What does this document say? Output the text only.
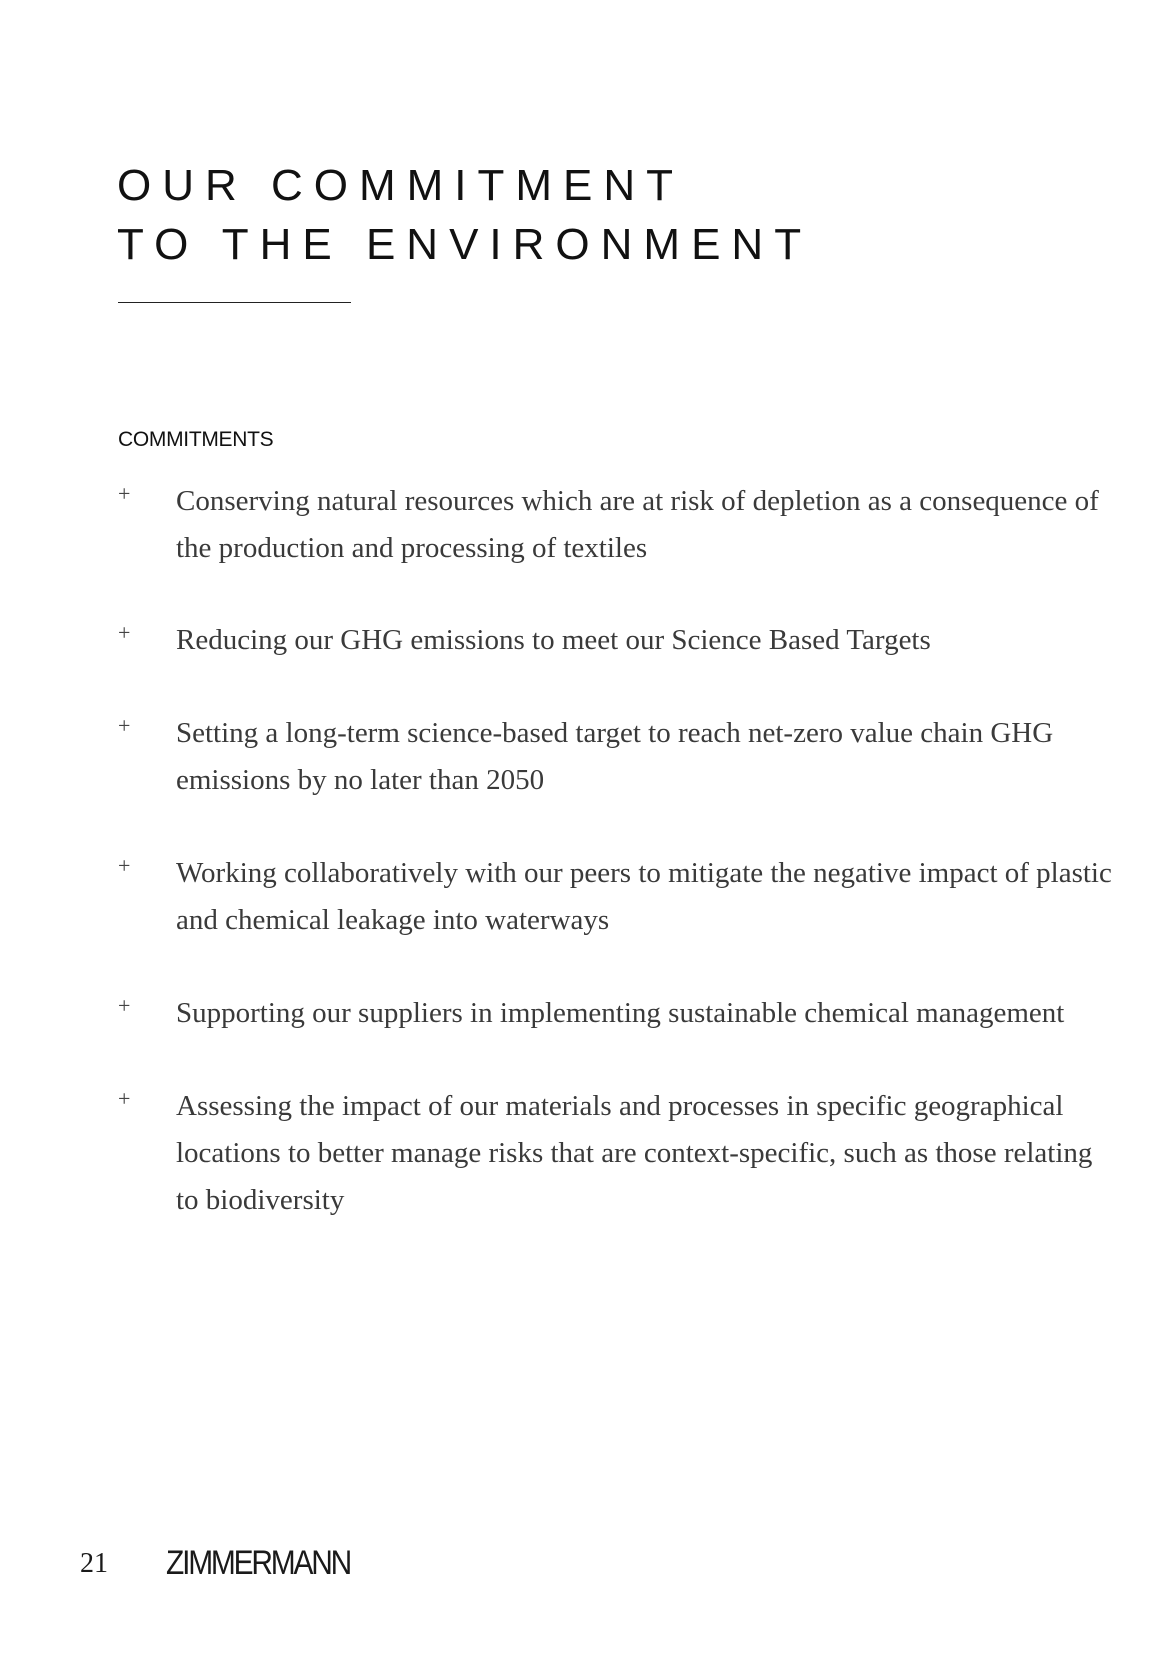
OUR COMMITMENT
TO THE ENVIRONMENT
COMMITMENTS
+ Conserving natural resources which are at risk of depletion as a consequence of the production and processing of textiles
+ Reducing our GHG emissions to meet our Science Based Targets
+ Setting a long-term science-based target to reach net-zero value chain GHG emissions by no later than 2050
+ Working collaboratively with our peers to mitigate the negative impact of plastic and chemical leakage into waterways
+ Supporting our suppliers in implementing sustainable chemical management
+ Assessing the impact of our materials and processes in specific geographical locations to better manage risks that are context-specific, such as those relating to biodiversity
21 ZIMMERMANN
